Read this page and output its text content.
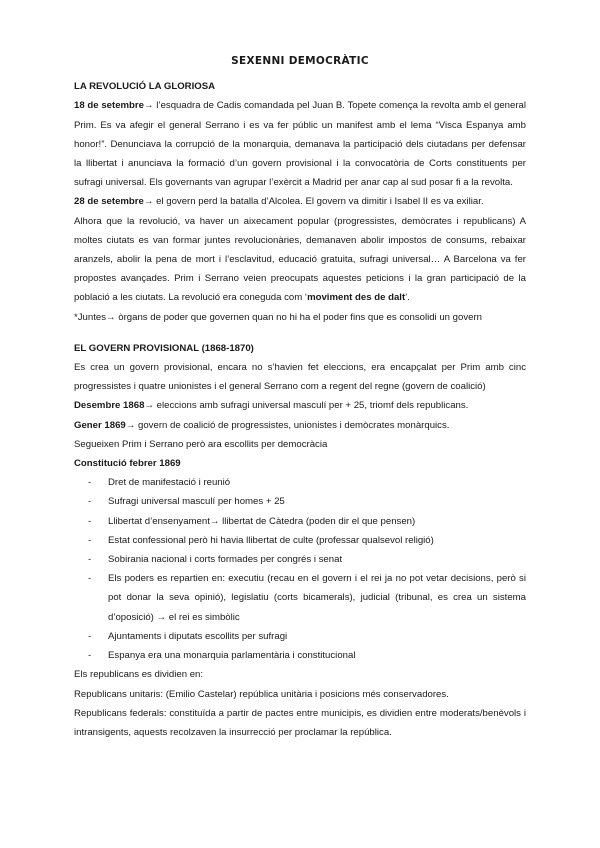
SEXENNI DEMOCRÀTIC

LA REVOLUCIÓ LA GLORIOSA

18 de setembre→ l’esquadra de Cadis comandada pel Juan B. Topete comença la revolta amb el general Prim. Es va afegir el general Serrano i es va fer públic un manifest amb el lema “Visca Espanya amb honor!”. Denunciava la corrupció de la monarquia, demanava la participació dels ciutadans per defensar la llibertat i anunciava la formació d’un govern provisional i la convocatòria de Corts constituents per sufragi universal. Els governants van agrupar l’exèrcit a Madrid per anar cap al sud posar fi a la revolta.

28 de setembre→ el govern perd la batalla d’Alcolea. El govern va dimitir i Isabel II es va exiliar.

Alhora que la revolució, va haver un aixecament popular (progressistes, demòcrates i republicans) A moltes ciutats es van formar juntes revolucionàries, demanaven abolir impostos de consums, rebaixar aranzels, abolir la pena de mort i l’esclavitud, educació gratuita, sufragi universal… A Barcelona va fer propostes avançades. Prim i Serrano veien preocupats aquestes peticions i la gran participació de la població a les ciutats. La revolució era coneguda com ‘moviment des de dalt’.

*Juntes→ òrgans de poder que governen quan no hi ha el poder fins que es consolidi un govern

EL GOVERN PROVISIONAL (1868-1870)

Es crea un govern provisional, encara no s’havien fet eleccions, era encapçalat per Prim amb cinc progressistes i quatre unionistes i el general Serrano com a regent del regne (govern de coalició)

Desembre 1868→ eleccions amb sufragi universal masculí per + 25, triomf dels republicans.

Gener 1869→ govern de coalició de progressistes, unionistes i demòcrates monàrquics.

Segueixen Prim i Serrano però ara escollits per democràcia

Constitució febrer 1869

- Dret de manifestació i reunió
- Sufragi universal masculí per homes + 25
- Llibertat d’ensenyament→ llibertat de Càtedra (poden dir el que pensen)
- Estat confessional però hi havia llibertat de culte (professar qualsevol religió)
- Sobirania nacional i corts formades per congrés i senat
- Els poders es repartien en: executiu (recau en el govern i el rei ja no pot vetar decisions, però si pot donar la seva opinió), legislatiu (corts bicamerals), judicial (tribunal, es crea un sistema d’oposició) → el rei es simbòlic
- Ajuntaments i diputats escollits per sufragi
- Espanya era una monarquia parlamentària i constitucional

Els republicans es dividien en:

Republicans unitaris: (Emilio Castelar) república unitària i posicions més conservadores.

Republicans federals: constituïda a partir de pactes entre municipis, es dividien entre moderats/benèvols i intransigents, aquests recolzaven la insurrecció per proclamar la república.
